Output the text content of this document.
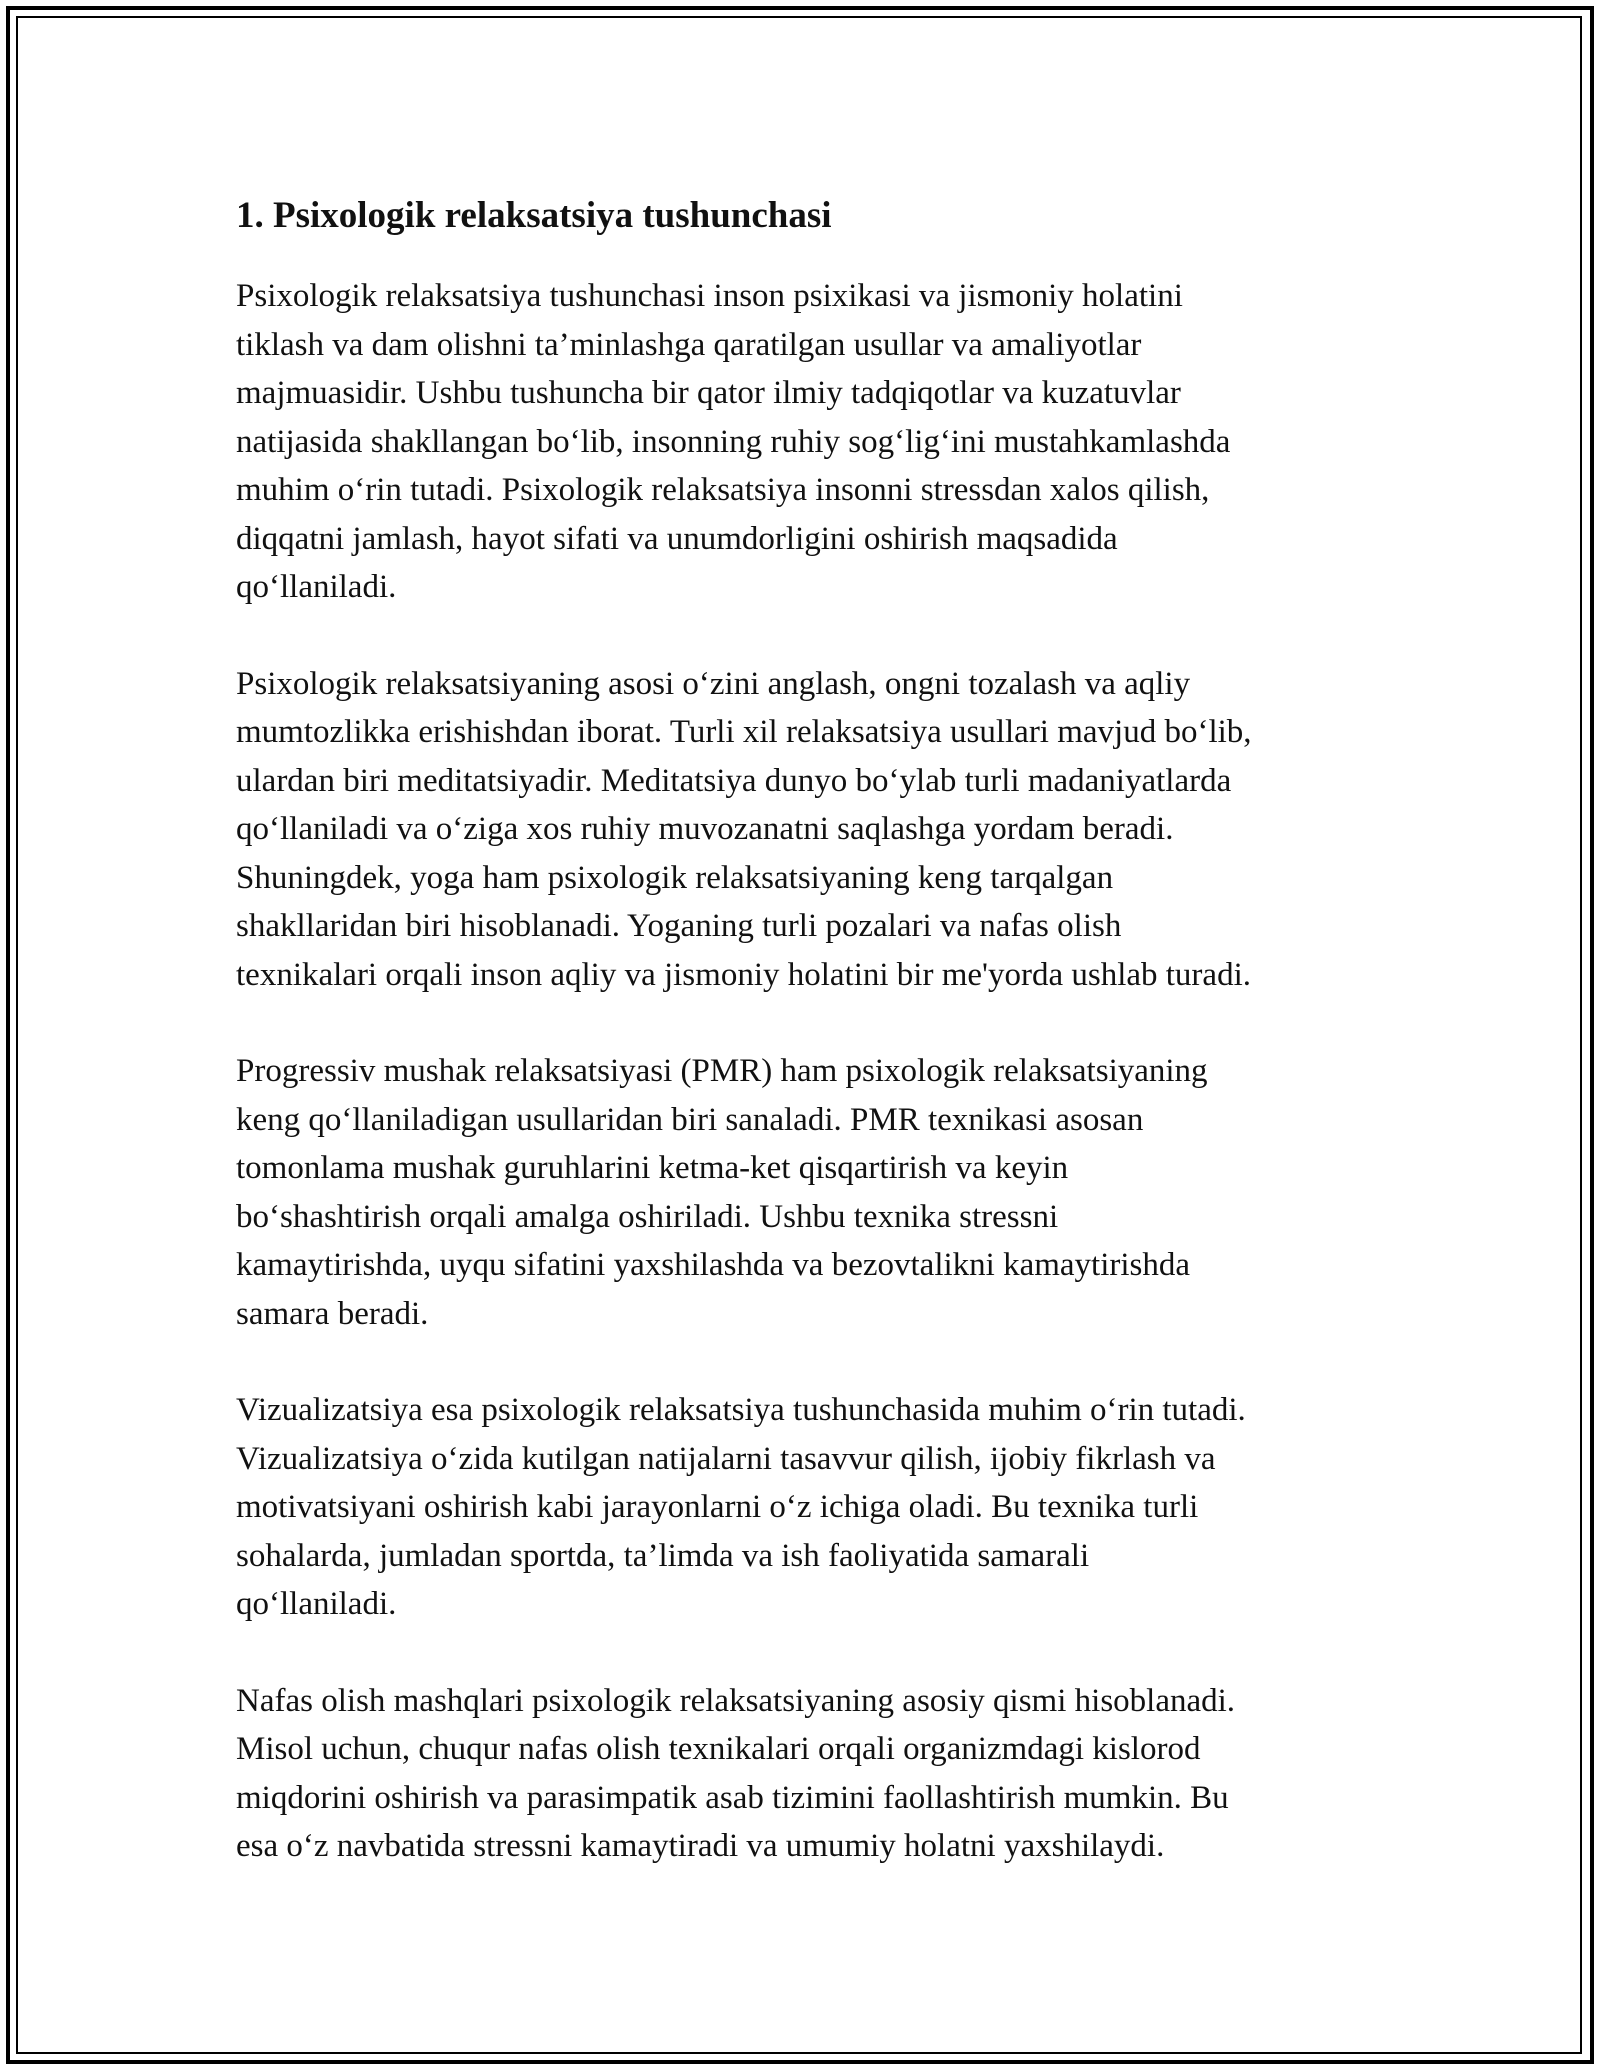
1. Psixologik relaksatsiya tushunchasi
Psixologik relaksatsiya tushunchasi inson psixikasi va jismoniy holatini
tiklash va dam olishni ta’minlashga qaratilgan usullar va amaliyotlar
majmuasidir. Ushbu tushuncha bir qator ilmiy tadqiqotlar va kuzatuvlar
natijasida shakllangan bo‘lib, insonning ruhiy sog‘lig‘ini mustahkamlashda
muhim o‘rin tutadi. Psixologik relaksatsiya insonni stressdan xalos qilish,
diqqatni jamlash, hayot sifati va unumdorligini oshirish maqsadida
qo‘llaniladi.
Psixologik relaksatsiyaning asosi o‘zini anglash, ongni tozalash va aqliy
mumtozlikka erishishdan iborat. Turli xil relaksatsiya usullari mavjud bo‘lib,
ulardan biri meditatsiyadir. Meditatsiya dunyo bo‘ylab turli madaniyatlarda
qo‘llaniladi va o‘ziga xos ruhiy muvozanatni saqlashga yordam beradi.
Shuningdek, yoga ham psixologik relaksatsiyaning keng tarqalgan
shakllaridan biri hisoblanadi. Yoganing turli pozalari va nafas olish
texnikalari orqali inson aqliy va jismoniy holatini bir me'yorda ushlab turadi.
Progressiv mushak relaksatsiyasi (PMR) ham psixologik relaksatsiyaning
keng qo‘llaniladigan usullaridan biri sanaladi. PMR texnikasi asosan
tomonlama mushak guruhlarini ketma-ket qisqartirish va keyin
bo‘shashtirish orqali amalga oshiriladi. Ushbu texnika stressni
kamaytirishda, uyqu sifatini yaxshilashda va bezovtalikni kamaytirishda
samara beradi.
Vizualizatsiya esa psixologik relaksatsiya tushunchasida muhim o‘rin tutadi.
Vizualizatsiya o‘zida kutilgan natijalarni tasavvur qilish, ijobiy fikrlash va
motivatsiyani oshirish kabi jarayonlarni o‘z ichiga oladi. Bu texnika turli
sohalarda, jumladan sportda, ta’limda va ish faoliyatida samarali
qo‘llaniladi.
Nafas olish mashqlari psixologik relaksatsiyaning asosiy qismi hisoblanadi.
Misol uchun, chuqur nafas olish texnikalari orqali organizmdagi kislorod
miqdorini oshirish va parasimpatik asab tizimini faollashtirish mumkin. Bu
esa o‘z navbatida stressni kamaytiradi va umumiy holatni yaxshilaydi.
